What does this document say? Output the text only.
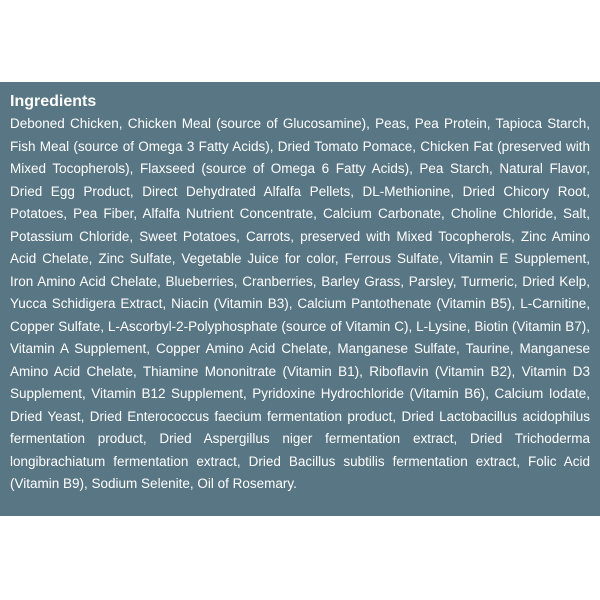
Ingredients

Deboned Chicken, Chicken Meal (source of Glucosamine), Peas, Pea Protein, Tapioca Starch, Fish Meal (source of Omega 3 Fatty Acids), Dried Tomato Pomace, Chicken Fat (preserved with Mixed Tocopherols), Flaxseed (source of Omega 6 Fatty Acids), Pea Starch, Natural Flavor, Dried Egg Product, Direct Dehydrated Alfalfa Pellets, DL-Methionine, Dried Chicory Root, Potatoes, Pea Fiber, Alfalfa Nutrient Concentrate, Calcium Carbonate, Choline Chloride, Salt, Potassium Chloride, Sweet Potatoes, Carrots, preserved with Mixed Tocopherols, Zinc Amino Acid Chelate, Zinc Sulfate, Vegetable Juice for color, Ferrous Sulfate, Vitamin E Supplement, Iron Amino Acid Chelate, Blueberries, Cranberries, Barley Grass, Parsley, Turmeric, Dried Kelp, Yucca Schidigera Extract, Niacin (Vitamin B3), Calcium Pantothenate (Vitamin B5), L-Carnitine, Copper Sulfate, L-Ascorbyl-2-Polyphosphate (source of Vitamin C), L-Lysine, Biotin (Vitamin B7), Vitamin A Supplement, Copper Amino Acid Chelate, Manganese Sulfate, Taurine, Manganese Amino Acid Chelate, Thiamine Mononitrate (Vitamin B1), Riboflavin (Vitamin B2), Vitamin D3 Supplement, Vitamin B12 Supplement, Pyridoxine Hydrochloride (Vitamin B6), Calcium Iodate, Dried Yeast, Dried Enterococcus faecium fermentation product, Dried Lactobacillus acidophilus fermentation product, Dried Aspergillus niger fermentation extract, Dried Trichoderma longibrachiatum fermentation extract, Dried Bacillus subtilis fermentation extract, Folic Acid (Vitamin B9), Sodium Selenite, Oil of Rosemary.
